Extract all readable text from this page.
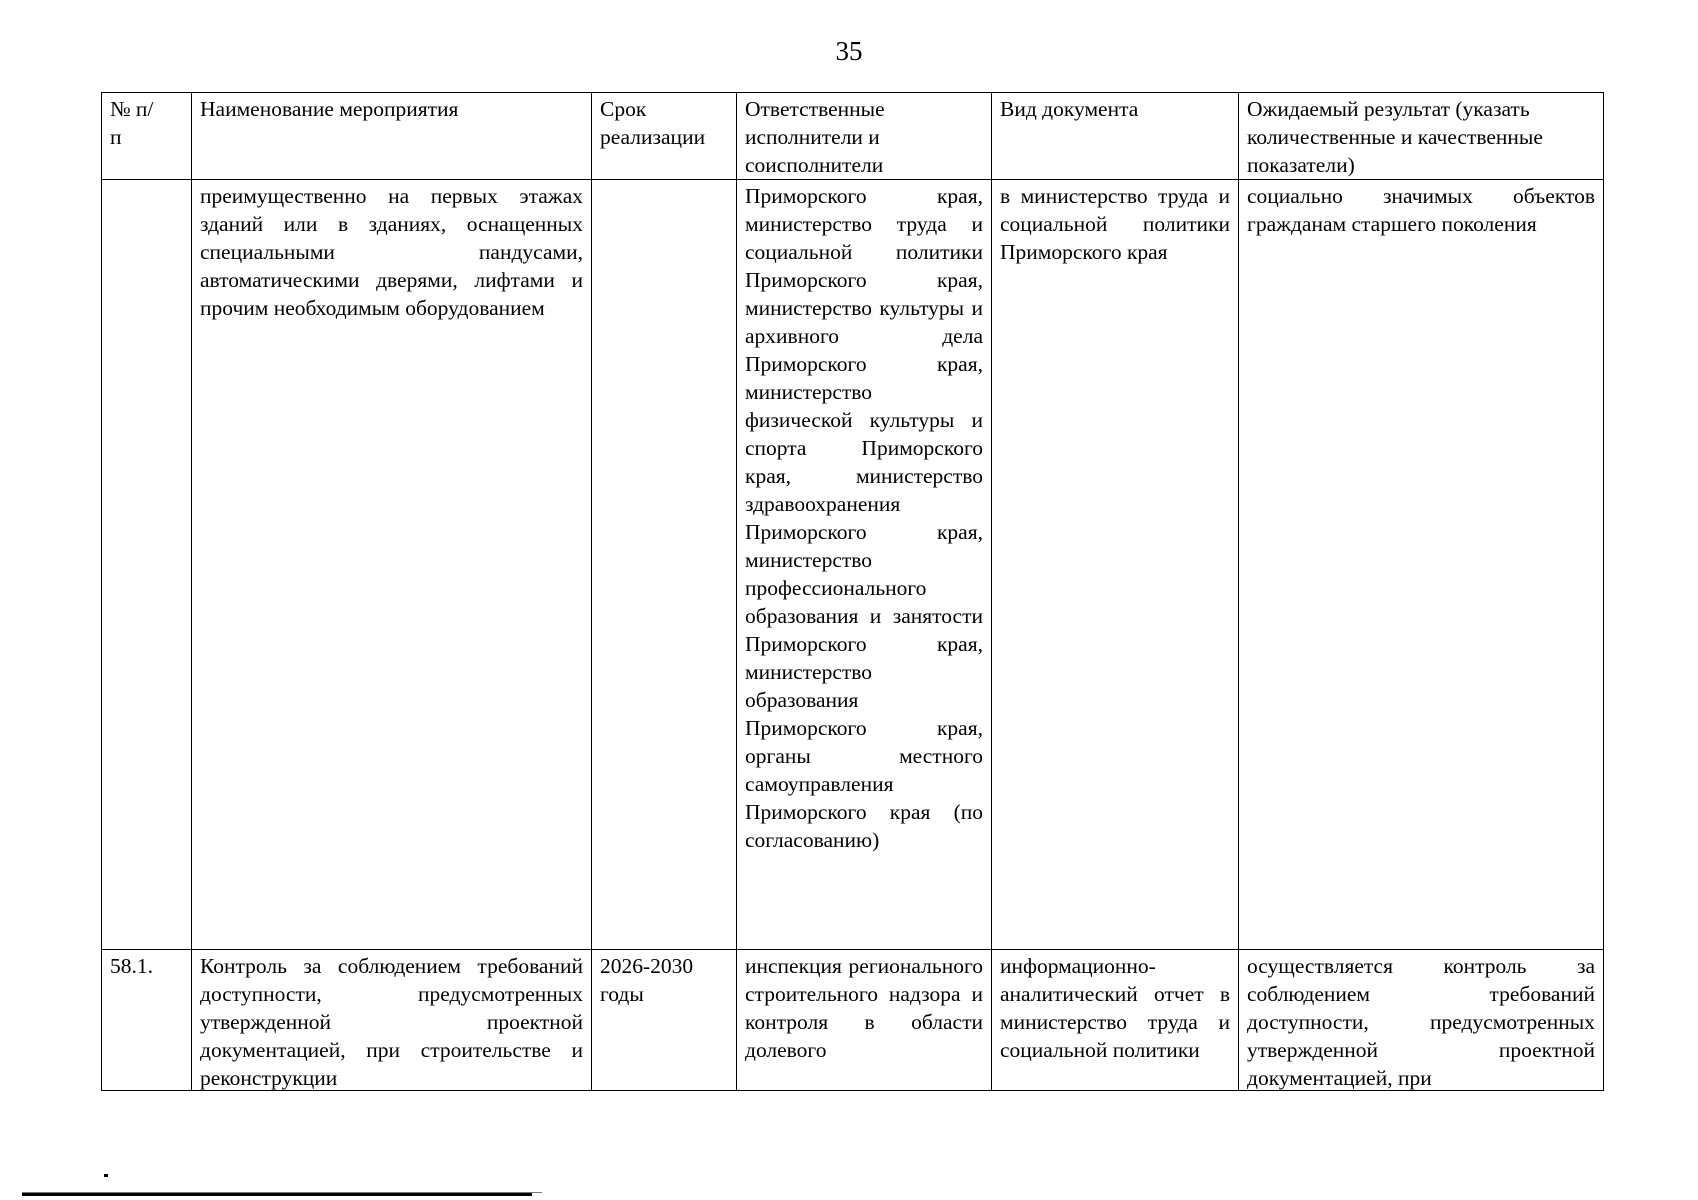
35
№ п/п	Наименование мероприятия	Срок реализации	Ответственные исполнители и соисполнители	Вид документа	Ожидаемый результат (указать количественные и качественные показатели)
	преимущественно на первых этажах зданий или в зданиях, оснащенных специальными пандусами, автоматическими дверями, лифтами и прочим необходимым оборудованием		Приморского края, министерство труда и социальной политики Приморского края, министерство культуры и архивного дела Приморского края, министерство физической культуры и спорта Приморского края, министерство здравоохранения Приморского края, министерство профессионального образования и занятости Приморского края, министерство образования Приморского края, органы местного самоуправления Приморского края (по согласованию)	в министерство труда и социальной политики Приморского края	социально значимых объектов гражданам старшего поколения

58.1.	Контроль за соблюдением требований доступности, предусмотренных утвержденной проектной документацией, при строительстве и реконструкции	2026-2030 годы	инспекция регионального строительного надзора и контроля в области долевого	информационно-аналитический отчет в министерство труда и социальной политики	осуществляется контроль за соблюдением требований доступности, предусмотренных утвержденной проектной документацией, при
